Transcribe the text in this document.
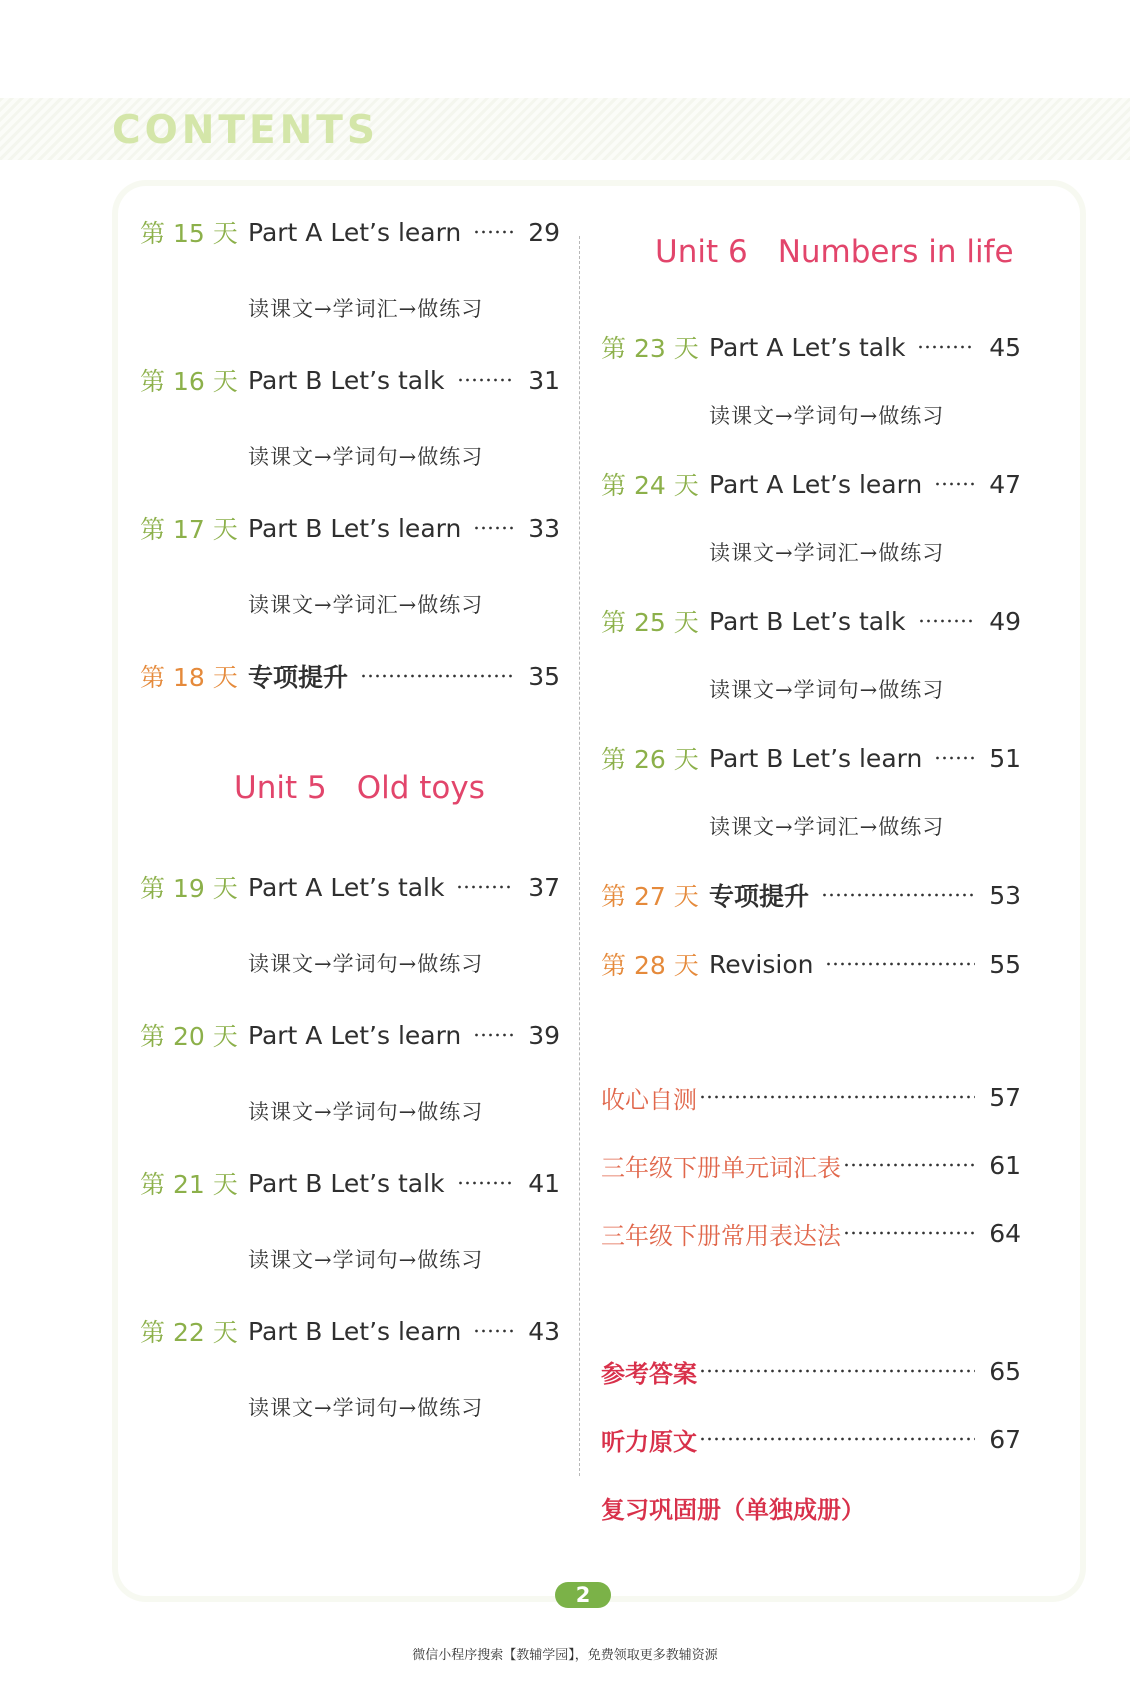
CONTENTS
第 15 天 Part A Let’s learn	29
读课文→学词汇→做练习
第 16 天 Part B Let’s talk	31
读课文→学词句→做练习
第 17 天 Part B Let’s learn	33
读课文→学词汇→做练习
第 18 天 专项提升	35
Unit 5 Old toys
第 19 天 Part A Let’s talk	37
读课文→学词句→做练习
第 20 天 Part A Let’s learn	39
读课文→学词句→做练习
第 21 天 Part B Let’s talk	41
读课文→学词句→做练习
第 22 天 Part B Let’s learn	43
读课文→学词句→做练习
Unit 6 Numbers in life
第 23 天 Part A Let’s talk	45
读课文→学词句→做练习
第 24 天 Part A Let’s learn	47
读课文→学词汇→做练习
第 25 天 Part B Let’s talk	49
读课文→学词句→做练习
第 26 天 Part B Let’s learn	51
读课文→学词汇→做练习
第 27 天 专项提升	53
第 28 天 Revision	55
收心自测	57
三年级下册单元词汇表	61
三年级下册常用表达法	64
参考答案	65
听力原文	67
复习巩固册（单独成册）
2
微信小程序搜索【教辅学园】，免费领取更多教辅资源
